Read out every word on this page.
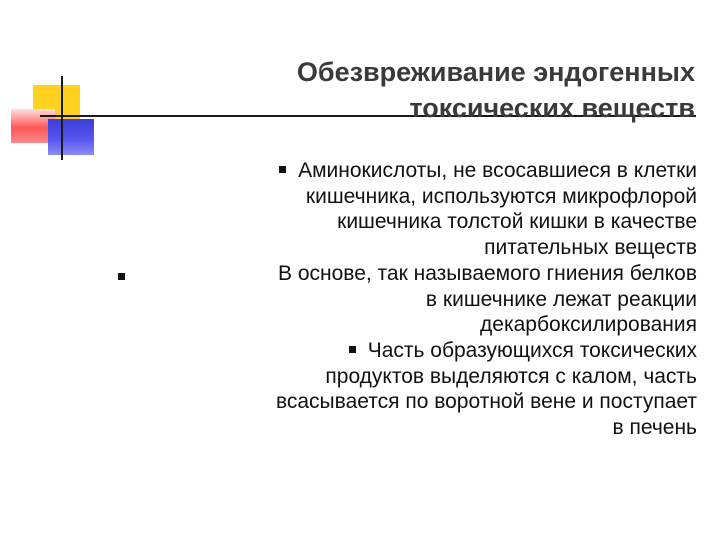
Обезвреживание эндогенных
токсических веществ
Аминокислоты, не всосавшиеся в клетки
кишечника, используются микрофлорой
кишечника толстой кишки в качестве
питательных веществ
В основе, так называемого гниения белков
в кишечнике лежат реакции
декарбоксилирования
Часть образующихся токсических
продуктов выделяются с калом, часть
всасывается по воротной вене и поступает
в печень
